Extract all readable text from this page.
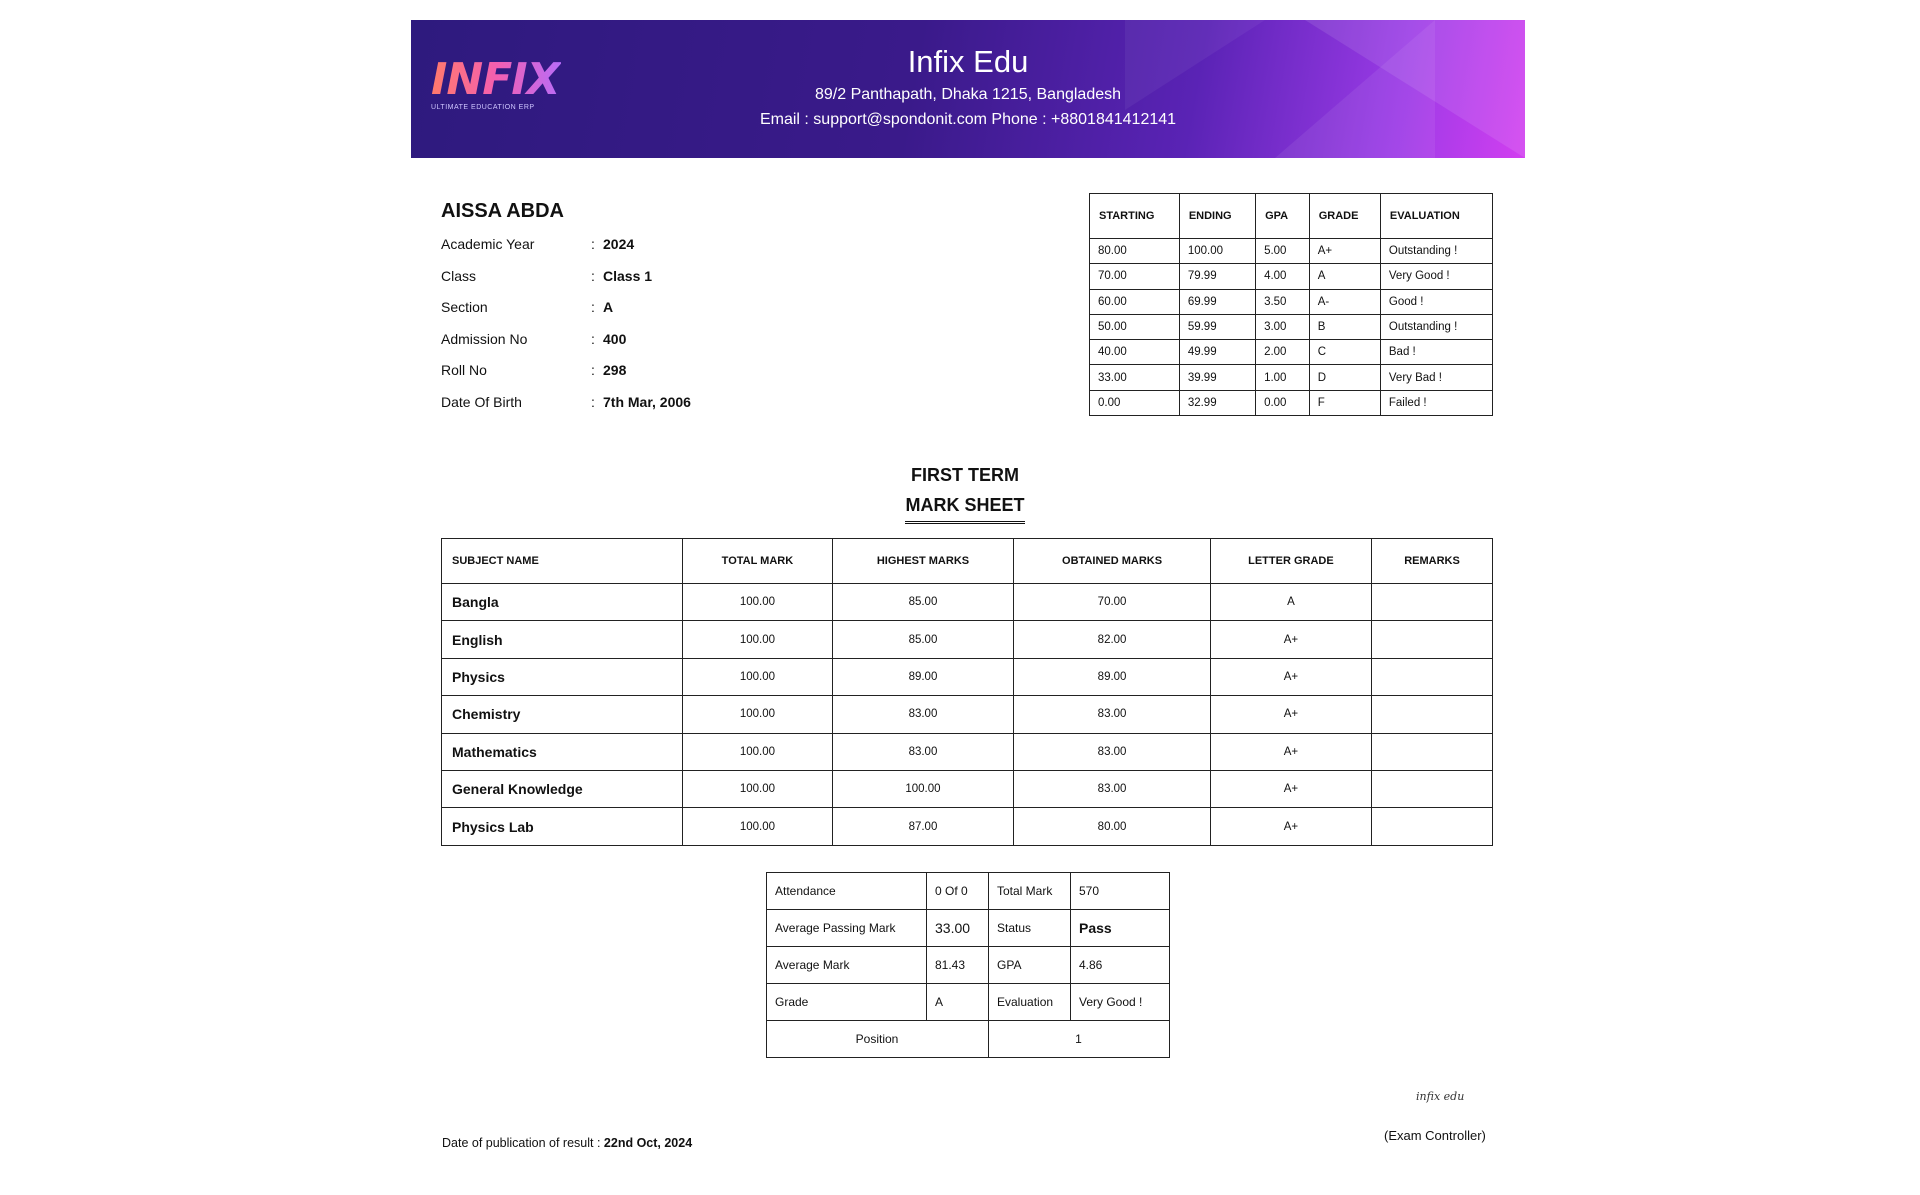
INFIX
ULTIMATE EDUCATION ERP
Infix Edu
89/2 Panthapath, Dhaka 1215, Bangladesh
Email : support@spondonit.com Phone : +8801841412141
AISSA ABDA
Academic Year	: 2024
Class	: Class 1
Section	: A
Admission No	: 400
Roll No	: 298
Date Of Birth	: 7th Mar, 2006
STARTING	ENDING	GPA	GRADE	EVALUATION
80.00	100.00	5.00	A+	Outstanding !
70.00	79.99	4.00	A	Very Good !
60.00	69.99	3.50	A-	Good !
50.00	59.99	3.00	B	Outstanding !
40.00	49.99	2.00	C	Bad !
33.00	39.99	1.00	D	Very Bad !
0.00	32.99	0.00	F	Failed !
FIRST TERM
MARK SHEET
SUBJECT NAME	TOTAL MARK	HIGHEST MARKS	OBTAINED MARKS	LETTER GRADE	REMARKS
Bangla	100.00	85.00	70.00	A	
English	100.00	85.00	82.00	A+	
Physics	100.00	89.00	89.00	A+	
Chemistry	100.00	83.00	83.00	A+	
Mathematics	100.00	83.00	83.00	A+	
General Knowledge	100.00	100.00	83.00	A+	
Physics Lab	100.00	87.00	80.00	A+	
Attendance	0 Of 0	Total Mark	570
Average Passing Mark	33.00	Status	Pass
Average Mark	81.43	GPA	4.86
Grade	A	Evaluation	Very Good !
Position		1	
infix edu
(Exam Controller)
Date of publication of result : 22nd Oct, 2024
